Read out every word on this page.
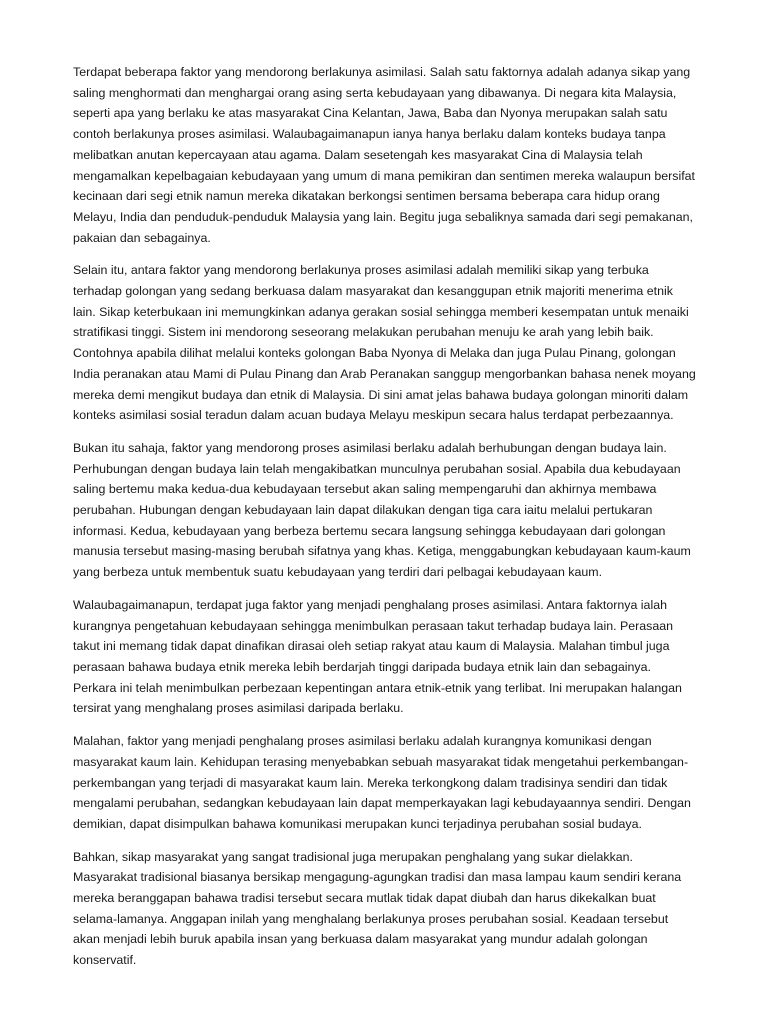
Terdapat beberapa faktor yang mendorong berlakunya asimilasi. Salah satu faktornya adalah adanya sikap yang saling menghormati dan menghargai orang asing serta kebudayaan yang dibawanya. Di negara kita Malaysia, seperti apa yang berlaku ke atas masyarakat Cina Kelantan, Jawa, Baba dan Nyonya merupakan salah satu contoh berlakunya proses asimilasi. Walaubagaimanapun ianya hanya berlaku dalam konteks budaya tanpa melibatkan anutan kepercayaan atau agama. Dalam sesetengah kes masyarakat Cina di Malaysia telah mengamalkan kepelbagaian kebudayaan yang umum di mana pemikiran dan sentimen mereka walaupun bersifat kecinaan dari segi etnik namun mereka dikatakan berkongsi sentimen bersama beberapa cara hidup orang Melayu, India dan penduduk-penduduk Malaysia yang lain. Begitu juga sebaliknya samada dari segi pemakanan, pakaian dan sebagainya.

Selain itu, antara faktor yang mendorong berlakunya proses asimilasi adalah memiliki sikap yang terbuka terhadap golongan yang sedang berkuasa dalam masyarakat dan kesanggupan etnik majoriti menerima etnik lain. Sikap keterbukaan ini memungkinkan adanya gerakan sosial sehingga memberi kesempatan untuk menaiki stratifikasi tinggi. Sistem ini mendorong seseorang melakukan perubahan menuju ke arah yang lebih baik. Contohnya apabila dilihat melalui konteks golongan Baba Nyonya di Melaka dan juga Pulau Pinang, golongan India peranakan atau Mami di Pulau Pinang dan Arab Peranakan sanggup mengorbankan bahasa nenek moyang mereka demi mengikut budaya dan etnik di Malaysia. Di sini amat jelas bahawa budaya golongan minoriti dalam konteks asimilasi sosial teradun dalam acuan budaya Melayu meskipun secara halus terdapat perbezaannya.

Bukan itu sahaja, faktor yang mendorong proses asimilasi berlaku adalah berhubungan dengan budaya lain. Perhubungan dengan budaya lain telah mengakibatkan munculnya perubahan sosial. Apabila dua kebudayaan saling bertemu maka kedua-dua kebudayaan tersebut akan saling mempengaruhi dan akhirnya membawa perubahan. Hubungan dengan kebudayaan lain dapat dilakukan dengan tiga cara iaitu melalui pertukaran informasi. Kedua, kebudayaan yang berbeza bertemu secara langsung sehingga kebudayaan dari golongan manusia tersebut masing-masing berubah sifatnya yang khas. Ketiga, menggabungkan kebudayaan kaum-kaum yang berbeza untuk membentuk suatu kebudayaan yang terdiri dari pelbagai kebudayaan kaum.

Walaubagaimanapun, terdapat juga faktor yang menjadi penghalang proses asimilasi. Antara faktornya ialah kurangnya pengetahuan kebudayaan sehingga menimbulkan perasaan takut terhadap budaya lain. Perasaan takut ini memang tidak dapat dinafikan dirasai oleh setiap rakyat atau kaum di Malaysia. Malahan timbul juga perasaan bahawa budaya etnik mereka lebih berdarjah tinggi daripada budaya etnik lain dan sebagainya. Perkara ini telah menimbulkan perbezaan kepentingan antara etnik-etnik yang terlibat. Ini merupakan halangan tersirat yang menghalang proses asimilasi daripada berlaku.

Malahan, faktor yang menjadi penghalang proses asimilasi berlaku adalah kurangnya komunikasi dengan masyarakat kaum lain. Kehidupan terasing menyebabkan sebuah masyarakat tidak mengetahui perkembangan-perkembangan yang terjadi di masyarakat kaum lain. Mereka terkongkong dalam tradisinya sendiri dan tidak mengalami perubahan, sedangkan kebudayaan lain dapat memperkayakan lagi kebudayaannya sendiri. Dengan demikian, dapat disimpulkan bahawa komunikasi merupakan kunci terjadinya perubahan sosial budaya.

Bahkan, sikap masyarakat yang sangat tradisional juga merupakan penghalang yang sukar dielakkan. Masyarakat tradisional biasanya bersikap mengagung-agungkan tradisi dan masa lampau kaum sendiri kerana mereka beranggapan bahawa tradisi tersebut secara mutlak tidak dapat diubah dan harus dikekalkan buat selama-lamanya. Anggapan inilah yang menghalang berlakunya proses perubahan sosial. Keadaan tersebut akan menjadi lebih buruk apabila insan yang berkuasa dalam masyarakat yang mundur adalah golongan konservatif.
